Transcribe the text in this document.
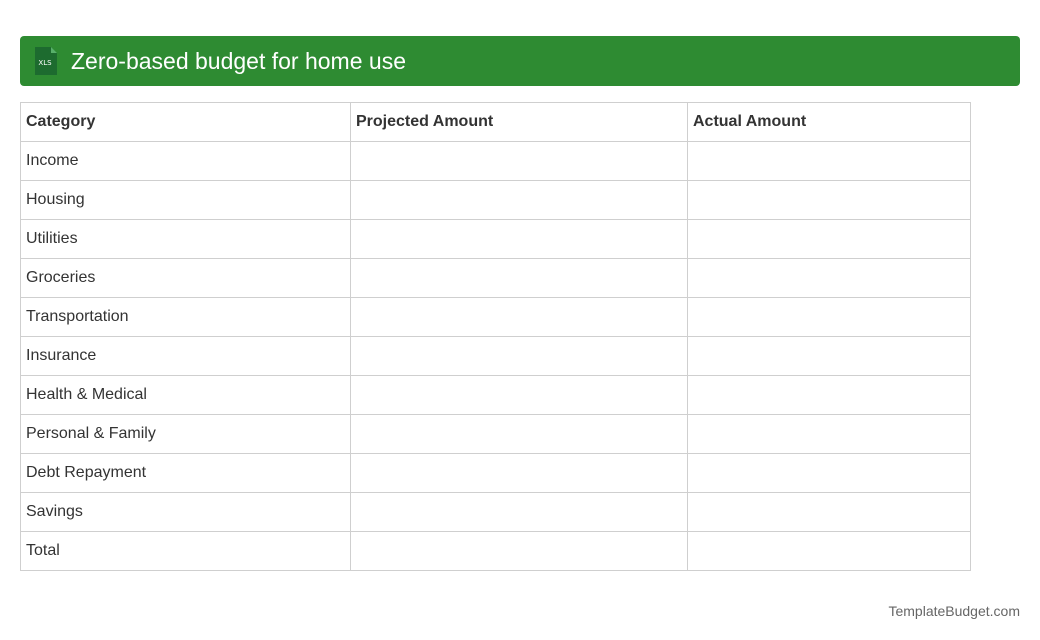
XLS Zero-based budget for home use
Category	Projected Amount	Actual Amount
Income		
Housing		
Utilities		
Groceries		
Transportation		
Insurance		
Health & Medical		
Personal & Family		
Debt Repayment		
Savings		
Total		
TemplateBudget.com
